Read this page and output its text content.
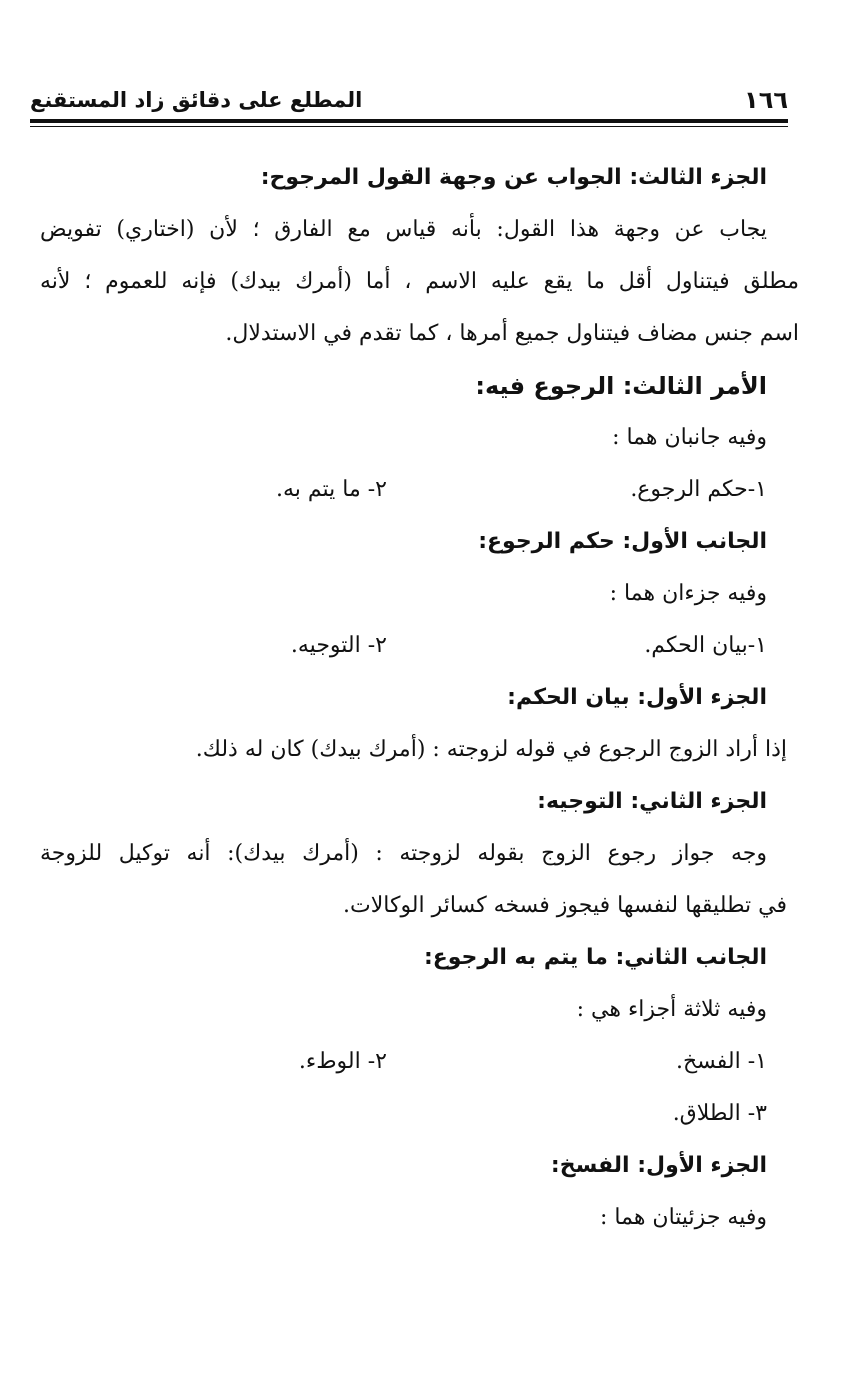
١٦٦
المطلع على دقائق زاد المستقنع
الجزء الثالث: الجواب عن وجهة القول المرجوح:
يجاب عن وجهة هذا القول: بأنه قياس مع الفارق ؛ لأن (اختاري) تفويض
مطلق فيتناول أقل ما يقع عليه الاسم ، أما (أمرك بيدك) فإنه للعموم ؛ لأنه
اسم جنس مضاف فيتناول جميع أمرها ، كما تقدم في الاستدلال.
الأمر الثالث: الرجوع فيه:
وفيه جانبان هما :
١-حكم الرجوع.
٢- ما يتم به.
الجانب الأول: حكم الرجوع:
وفيه جزءان هما :
١-بيان الحكم.
٢- التوجيه.
الجزء الأول: بيان الحكم:
إذا أراد الزوج الرجوع في قوله لزوجته : (أمرك بيدك) كان له ذلك.
الجزء الثاني: التوجيه:
وجه جواز رجوع الزوج بقوله لزوجته : (أمرك بيدك): أنه توكيل للزوجة
في تطليقها لنفسها فيجوز فسخه كسائر الوكالات.
الجانب الثاني: ما يتم به الرجوع:
وفيه ثلاثة أجزاء هي :
١- الفسخ.
٢- الوطء.
٣- الطلاق.
الجزء الأول: الفسخ:
وفيه جزئيتان هما :
